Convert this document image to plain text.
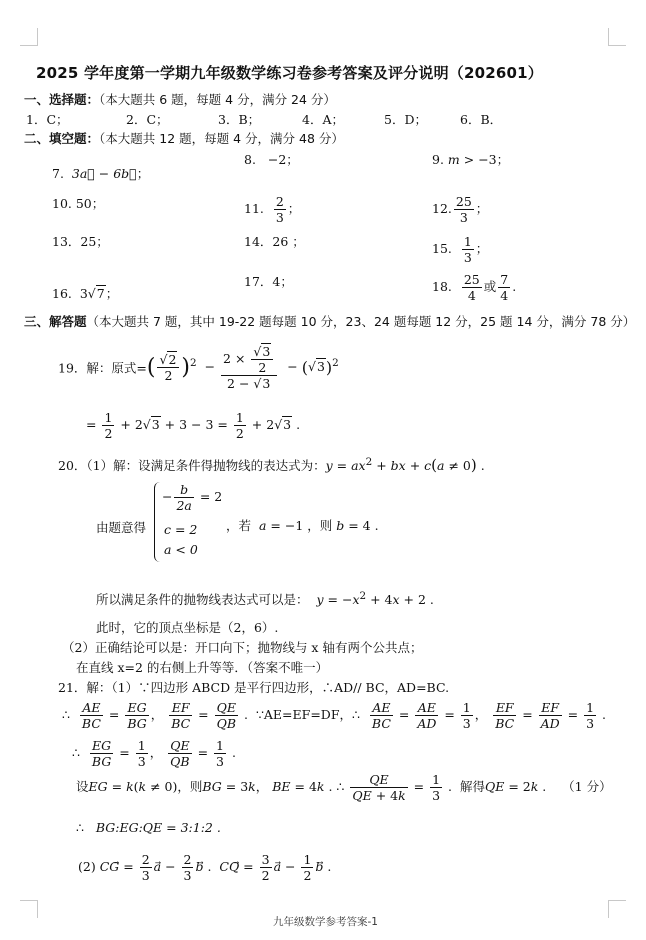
2025 学年度第一学期九年级数学练习卷参考答案及评分说明（202601）
一、选择题：（本大题共 6 题，每题 4 分，满分 24 分）
1．C；	2．C；	3．B；	4．A；	5．D；	6．B．
二、填空题：（本大题共 12 题，每题 4 分，满分 48 分）
7. 3a⃗ − 6b⃗；
8.   −2；	9. m > −3；
10. 50；	11. $\frac{2}{3}$ ；	12. $\frac{25}{3}$ ；
13．25；	14．26 ；	15. $\frac{1}{3}$ ；
16.  3√7；
17．4；	18. $\frac{25}{4}$ 或 $\frac{7}{4}$ .
三、解答题（本大题共 7 题，其中 19-22 题每题 10 分，23、24 题每题 12 分，25 题 14 分，满分 78 分）
19．解：原式=( $\frac{√2}{2} )^2 - \frac{2 \times \frac{√3}{2}}{2 - √3} - (√3)^2$
= $\frac{1}{2} + 2√3 + 3 - 3 = \frac{1}{2} + 2√3$ .
20．（1）解：设满足条件得抛物线的表达式为：$y = ax^2$ + bx + c(a ≠ 0) .
由题意得
− $\frac{b}{2a} = 2$
c = 2
a < 0
，若 a = −1 ，则 b = 4 .
所以满足条件的抛物线表达式可以是： $y = -x^2 + 4x + 2$ .
此时，它的顶点坐标是（2，6）.
（2）正确结论可以是：开口向下；抛物线与 x 轴有两个公共点；
在直线 x=2 的右侧上升等等．（答案不唯一）
21．解：（1）∵四边形 ABCD 是平行四边形，∴AD// BC，AD=BC.
∴ $\frac{AE}{BC} = \frac{EG}{BG}$ ， $\frac{EF}{BC} = \frac{QE}{QB}$ .  ∵AE=EF=DF，∴ $\frac{AE}{BC} = \frac{AE}{AD} = \frac{1}{3}$ ， $\frac{EF}{BC} = \frac{EF}{AD} = \frac{1}{3}$ .
∴ $\frac{EG}{BG} = \frac{1}{3}$ ， $\frac{QE}{QB} = \frac{1}{3}$ .
设EG = k(k ≠ 0)，则BG = 3k， BE = 4k . ∴ $\frac{QE}{QE + 4k} = \frac{1}{3}$ .  解得QE = 2k .    （1 分）
∴   BG:EG:QE = 3:1:2 .
(2) CG⃗ = $\frac{2}{3}$ a⃗ − $\frac{2}{3}$ b⃗ .  CQ⃗ = $\frac{3}{2}$ a⃗ − $\frac{1}{2}$ b⃗ .
九年级数学参考答案-1
